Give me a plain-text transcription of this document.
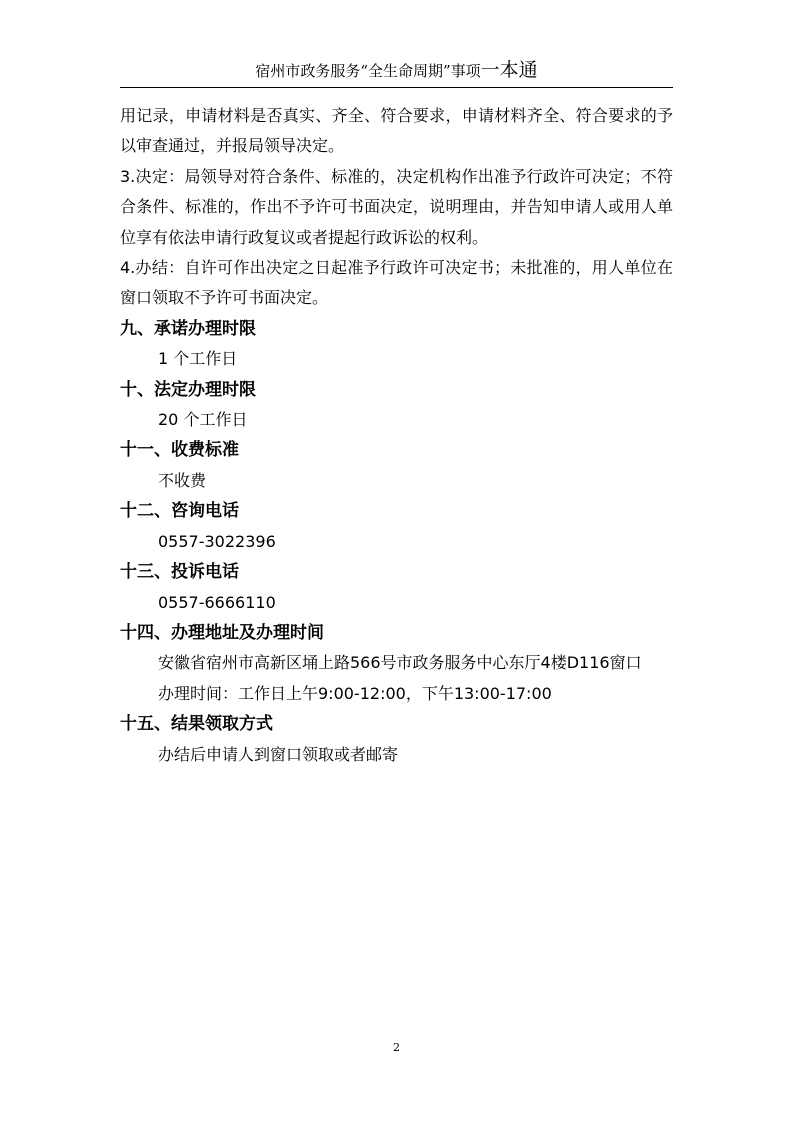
宿州市政务服务“全生命周期”事项一本通

用记录，申请材料是否真实、齐全、符合要求，申请材料齐全、符合要求的予以审查通过，并报局领导决定。

3.决定：局领导对符合条件、标准的，决定机构作出准予行政许可决定；不符合条件、标准的，作出不予许可书面决定，说明理由，并告知申请人或用人单位享有依法申请行政复议或者提起行政诉讼的权利。

4.办结：自许可作出决定之日起准予行政许可决定书；未批准的，用人单位在窗口领取不予许可书面决定。

九、承诺办理时限

1 个工作日

十、法定办理时限

20 个工作日

十一、收费标准

不收费

十二、咨询电话

0557-3022396

十三、投诉电话

0557-6666110

十四、办理地址及办理时间

安徽省宿州市高新区埇上路566号市政务服务中心东厅4楼D116窗口

办理时间：工作日上午9:00-12:00，下午13:00-17:00

十五、结果领取方式

办结后申请人到窗口领取或者邮寄

2
